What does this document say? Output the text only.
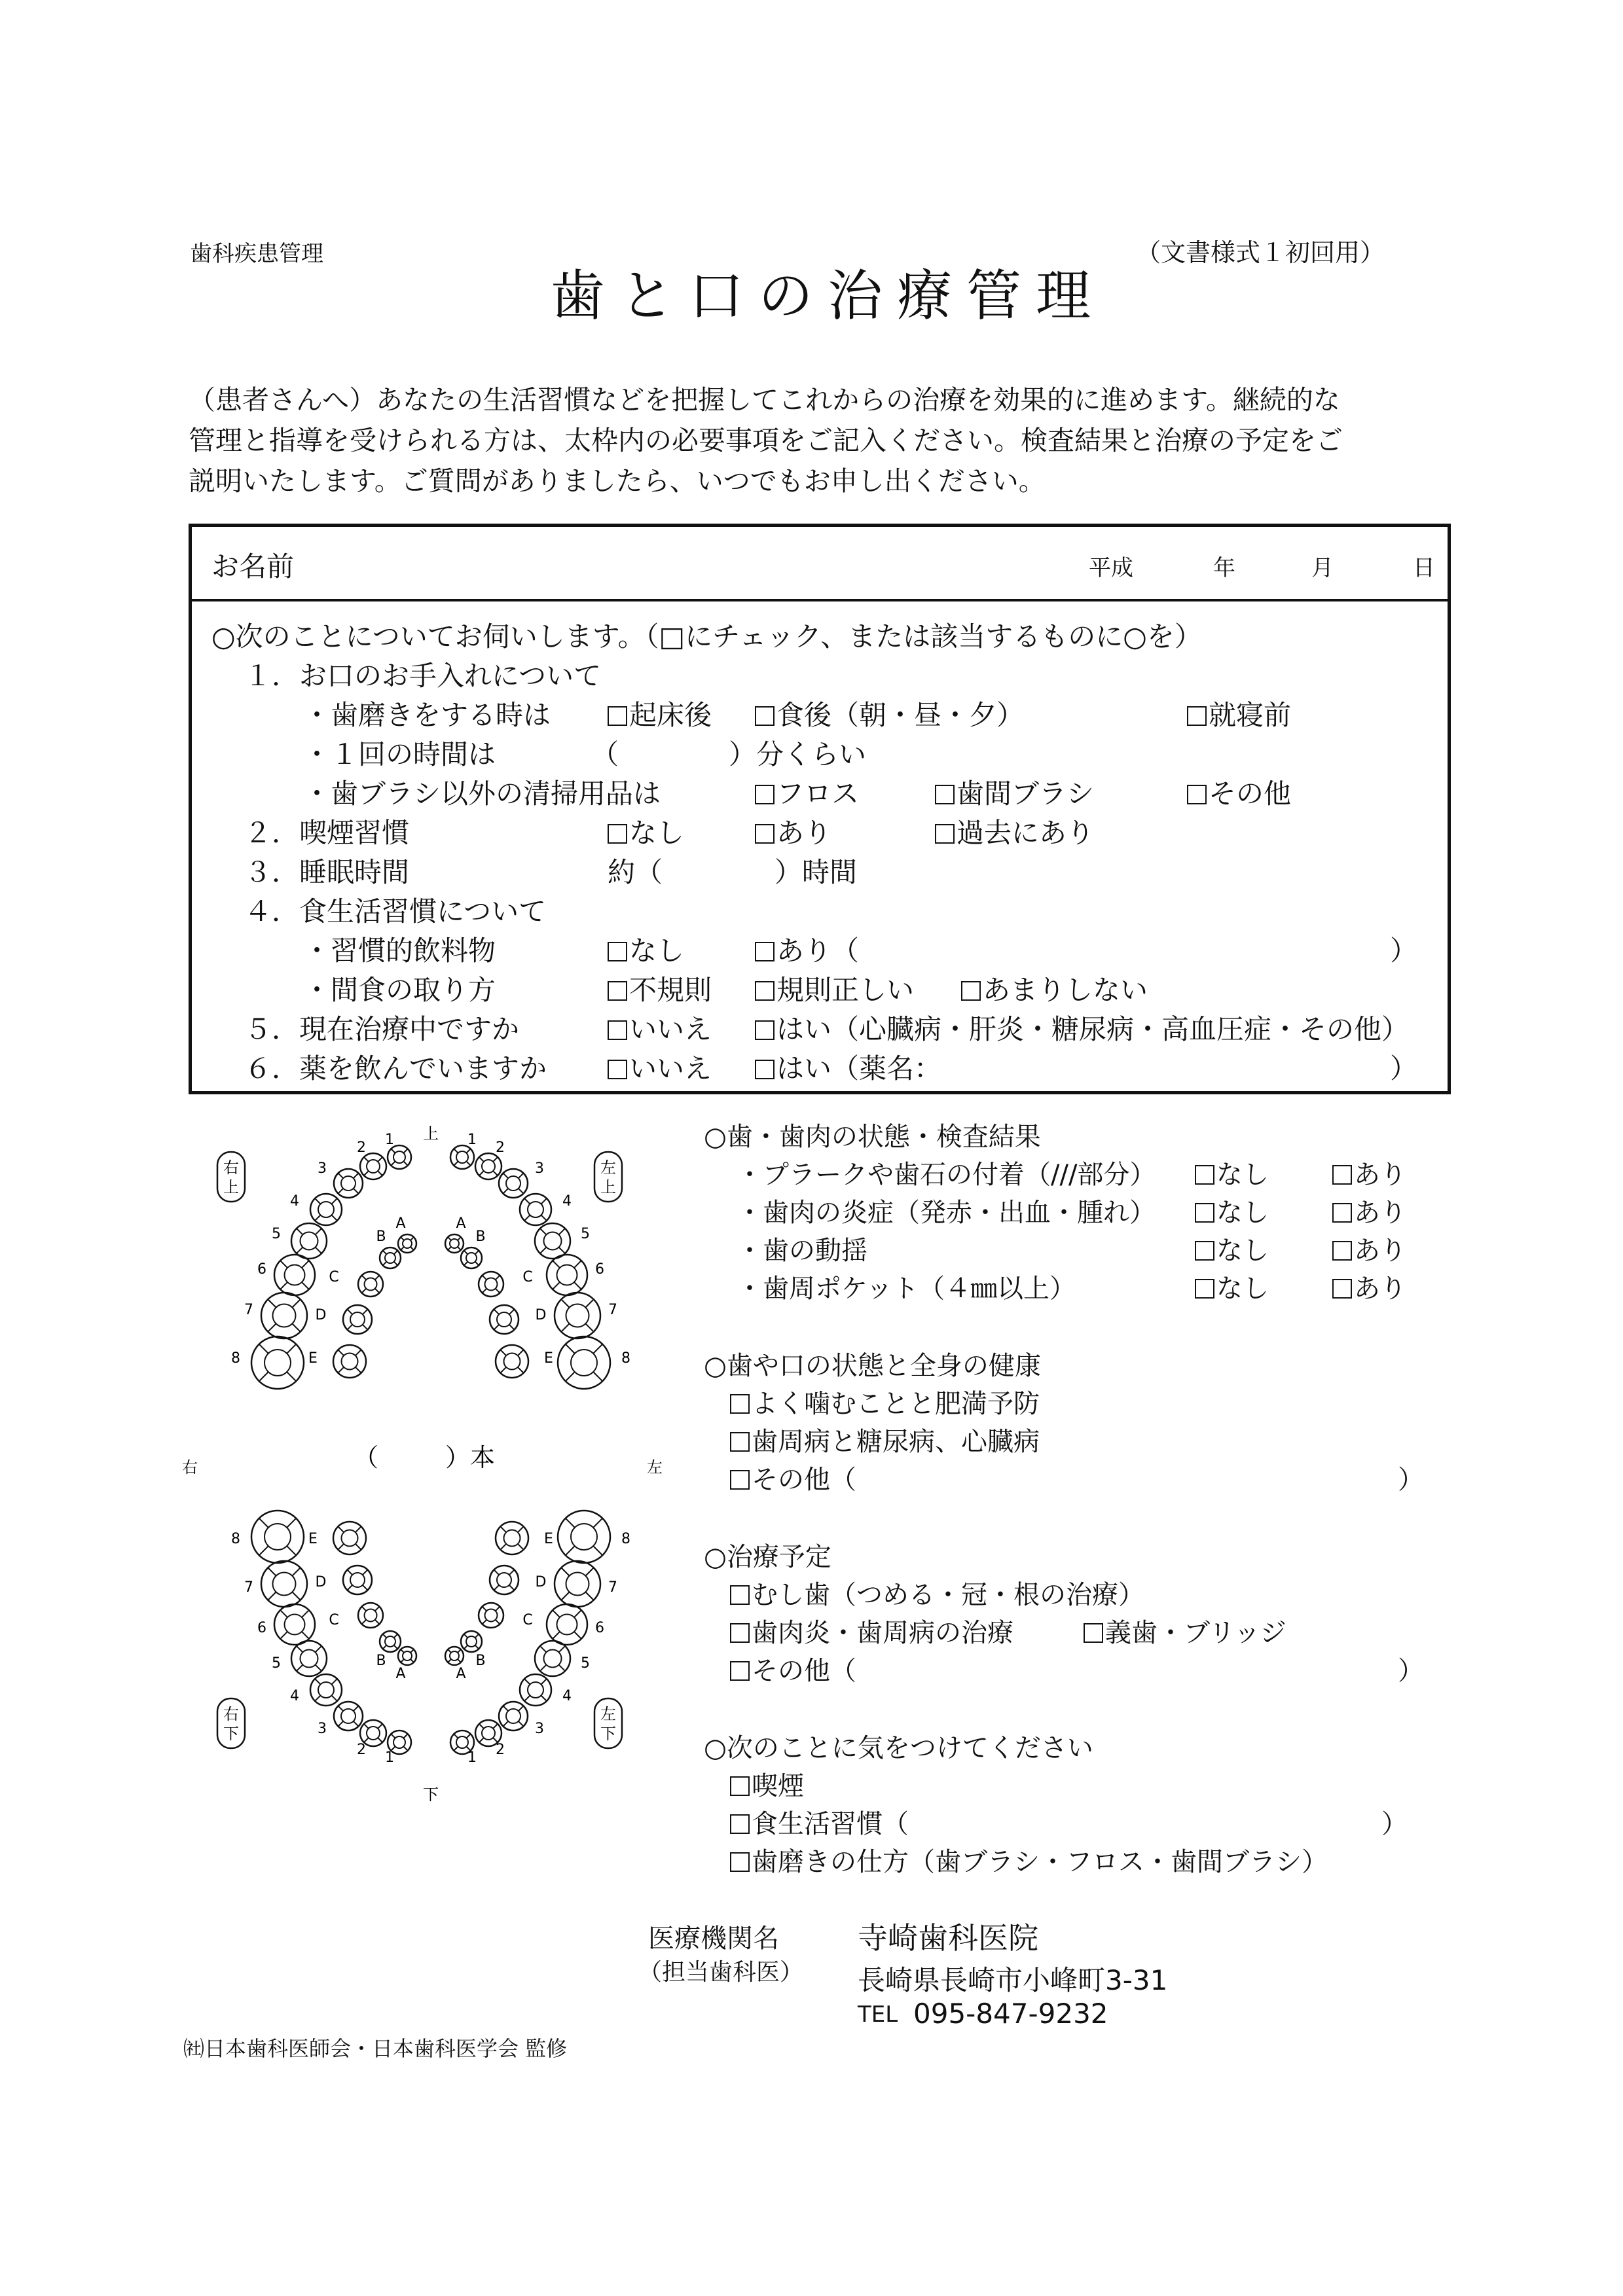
歯科疾患管理	（文書様式１初回用）
歯と口の治療管理
（患者さんへ）あなたの生活習慣などを把握してこれからの治療を効果的に進めます。継続的な
管理と指導を受けられる方は、太枠内の必要事項をご記入ください。検査結果と治療の予定をご
説明いたします。ご質問がありましたら、いつでもお申し出ください。
お名前	平成	年	月	日
○次のことについてお伺いします。（□にチェック、または該当するものに○を）
１．お口のお手入れについて
・歯磨きをする時は	起床後	食後（朝・昼・夕）	就寝前
・１回の時間は	（	）分くらい
・歯ブラシ以外の清掃用品は	フロス	歯間ブラシ	その他
２．喫煙習慣	なし	あり	過去にあり
３．睡眠時間	約（	）時間
４．食生活習慣について
・習慣的飲料物	なし	あり（	）
・間食の取り方	不規則	規則正しい	あまりしない
５．現在治療中ですか	いいえ	はい（心臓病・肝炎・糖尿病・高血圧症・その他）
６．薬を飲んでいますか	いいえ	はい（薬名：	）
1	1
1	1
2	2
2	2
3	3
3	3
4	4
4	4
5	5
5	5
6	6
6	6
7	7
7	7
8	8
8	8
A	A
A	A
B	B
B	B
C	C
C	C
D	D
D	D
E	E
E	E
上
下
右	左
右
上
左
上
右
下
左
下
（	）本
○歯・歯肉の状態・検査結果
・プラークや歯石の付着（///部分）	なし	あり
・歯肉の炎症（発赤・出血・腫れ）	なし	あり
・歯の動揺	なし	あり
・歯周ポケット（４㎜以上）	なし	あり
○歯や口の状態と全身の健康
よく噛むことと肥満予防
歯周病と糖尿病、心臓病
その他（	）
○治療予定
むし歯（つめる・冠・根の治療）
歯肉炎・歯周病の治療	義歯・ブリッジ
その他（	）
○次のことに気をつけてください
喫煙
食生活習慣（	）
歯磨きの仕方（歯ブラシ・フロス・歯間ブラシ）
医療機関名
（担当歯科医）
寺崎歯科医院
長崎県長崎市小峰町3-31
TEL 095-847-9232
㈳日本歯科医師会・日本歯科医学会 監修
